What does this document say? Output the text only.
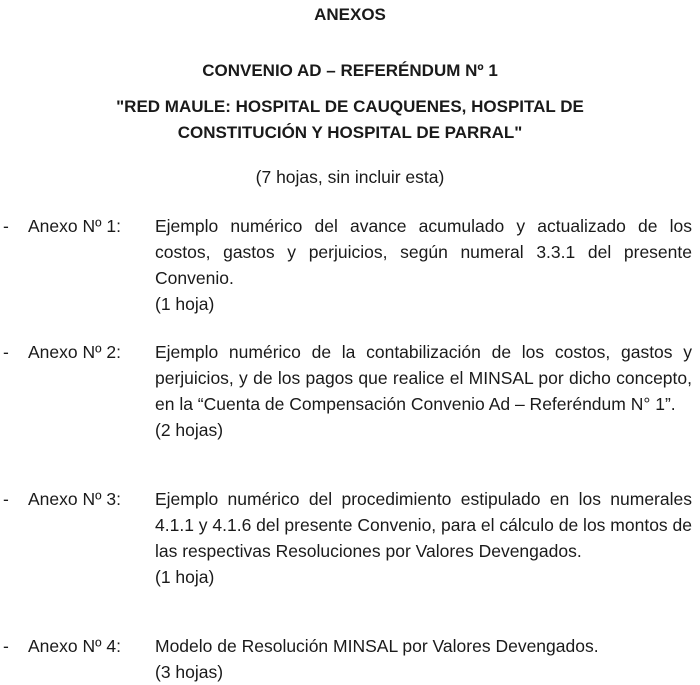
ANEXOS
CONVENIO AD – REFERÉNDUM Nº 1
"RED MAULE: HOSPITAL DE CAUQUENES, HOSPITAL DE CONSTITUCIÓN Y HOSPITAL DE PARRAL"
(7 hojas, sin incluir esta)
- Anexo Nº 1: Ejemplo numérico del avance acumulado y actualizado de los costos, gastos y perjuicios, según numeral 3.3.1 del presente Convenio.

(1 hoja)

- Anexo Nº 2: Ejemplo numérico de la contabilización de los costos, gastos y perjuicios, y de los pagos que realice el MINSAL por dicho concepto, en la “Cuenta de Compensación Convenio Ad – Referéndum N° 1”.

(2 hojas)

- Anexo Nº 3: Ejemplo numérico del procedimiento estipulado en los numerales 4.1.1 y 4.1.6 del presente Convenio, para el cálculo de los montos de las respectivas Resoluciones por Valores Devengados.

(1 hoja)

- Anexo Nº 4: Modelo de Resolución MINSAL por Valores Devengados.

(3 hojas)
